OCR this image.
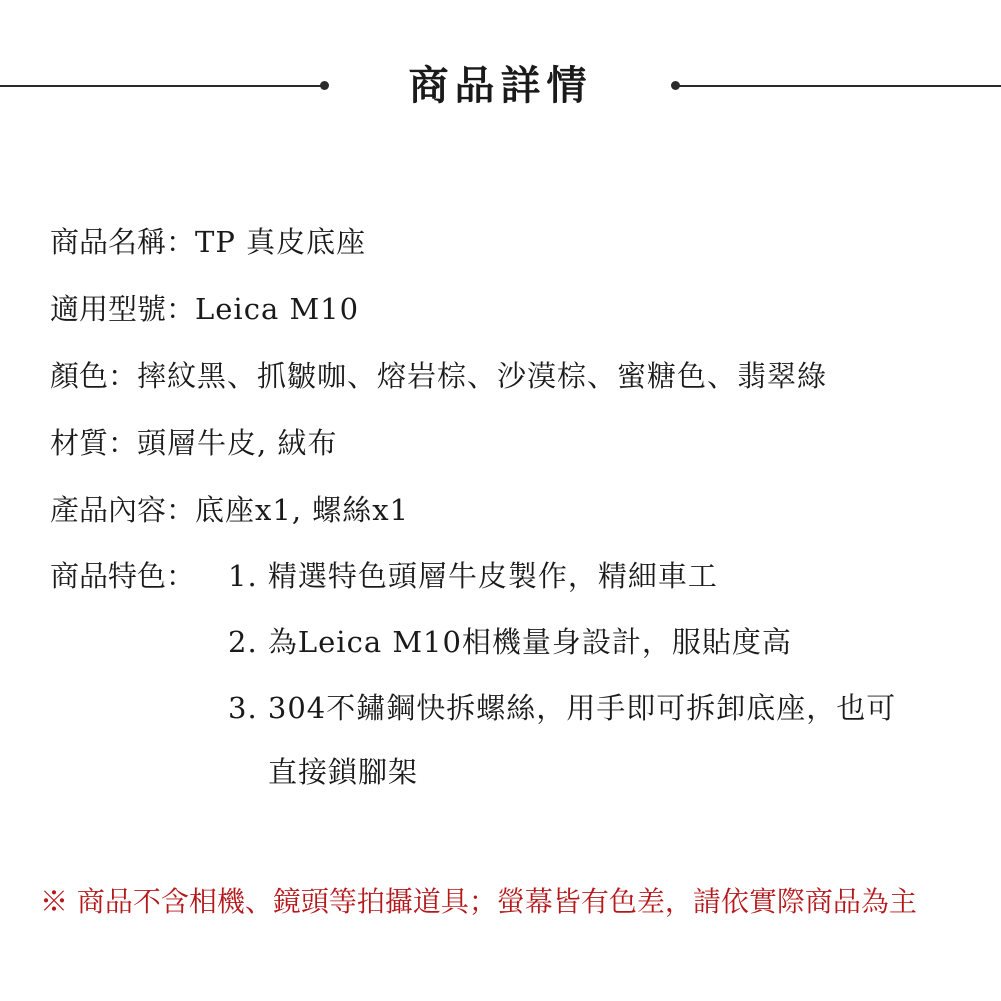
商品詳情
商品名稱：TP 真皮底座
適用型號：Leica M10
顏色：摔紋黑、抓皺咖、熔岩棕、沙漠棕、蜜糖色、翡翠綠
材質：頭層牛皮, 絨布
產品內容：底座x1, 螺絲x1
商品特色： 1. 精選特色頭層牛皮製作，精細車工
2. 為Leica M10相機量身設計，服貼度高
3. 304不鏽鋼快拆螺絲，用手即可拆卸底座，也可
直接鎖腳架
※ 商品不含相機、鏡頭等拍攝道具；螢幕皆有色差，請依實際商品為主
